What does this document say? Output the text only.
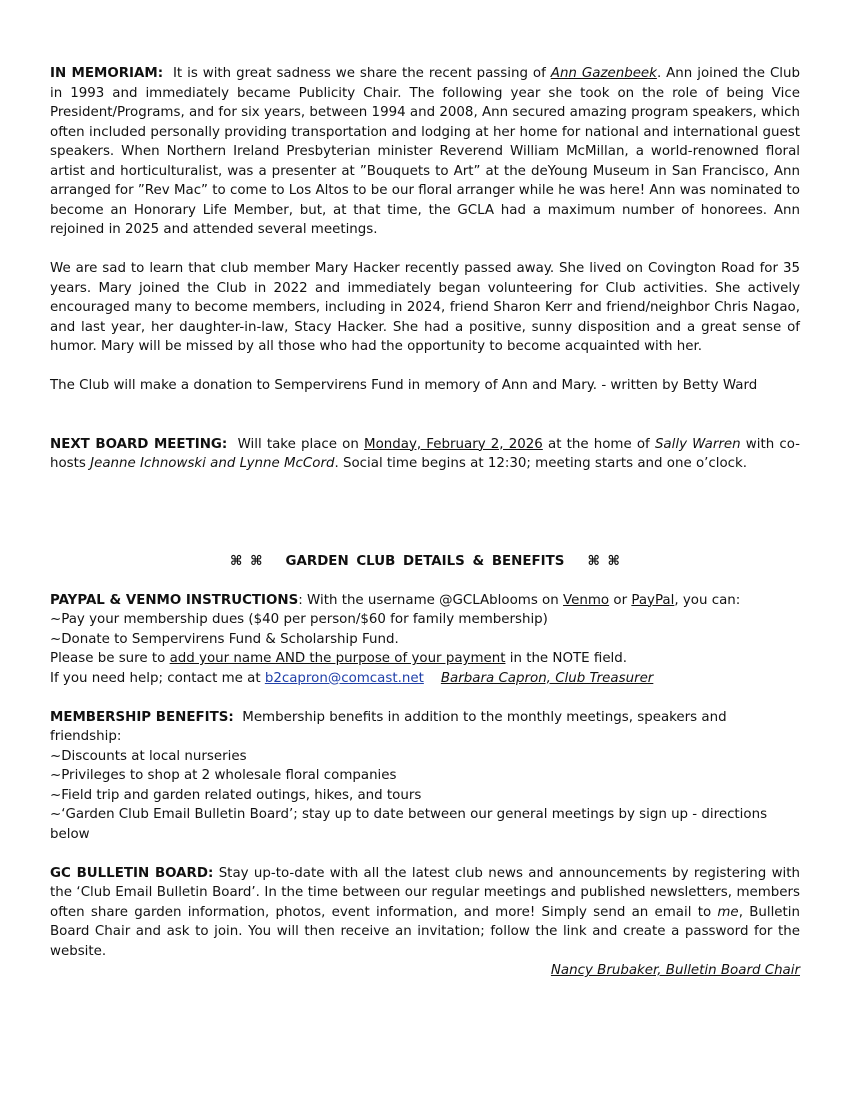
IN MEMORIAM: It is with great sadness we share the recent passing of Ann Gazenbeek. Ann joined the Club in 1993 and immediately became Publicity Chair. The following year she took on the role of being Vice President/Programs, and for six years, between 1994 and 2008, Ann secured amazing program speakers, which often included personally providing transportation and lodging at her home for national and international guest speakers. When Northern Ireland Presbyterian minister Reverend William McMillan, a world-renowned floral artist and horticulturalist, was a presenter at ”Bouquets to Art” at the deYoung Museum in San Francisco, Ann arranged for ”Rev Mac” to come to Los Altos to be our floral arranger while he was here! Ann was nominated to become an Honorary Life Member, but, at that time, the GCLA had a maximum number of honorees. Ann rejoined in 2025 and attended several meetings.

We are sad to learn that club member Mary Hacker recently passed away. She lived on Covington Road for 35 years. Mary joined the Club in 2022 and immediately began volunteering for Club activities. She actively encouraged many to become members, including in 2024, friend Sharon Kerr and friend/neighbor Chris Nagao, and last year, her daughter-in-law, Stacy Hacker. She had a positive, sunny disposition and a great sense of humor. Mary will be missed by all those who had the opportunity to become acquainted with her.

The Club will make a donation to Sempervirens Fund in memory of Ann and Mary. - written by Betty Ward

NEXT BOARD MEETING: Will take place on Monday, February 2, 2026 at the home of Sally Warren with co-hosts Jeanne Ichnowski and Lynne McCord. Social time begins at 12:30; meeting starts and one o’clock.

⌘ ⌘ GARDEN CLUB DETAILS & BENEFITS ⌘ ⌘

PAYPAL & VENMO INSTRUCTIONS: With the username @GCLAblooms on Venmo or PayPal, you can:

~Pay your membership dues ($40 per person/$60 for family membership)

~Donate to Sempervirens Fund & Scholarship Fund.

Please be sure to add your name AND the purpose of your payment in the NOTE field.

If you need help; contact me at b2capron@comcast.net Barbara Capron, Club Treasurer

MEMBERSHIP BENEFITS: Membership benefits in addition to the monthly meetings, speakers and friendship:

~Discounts at local nurseries

~Privileges to shop at 2 wholesale floral companies

~Field trip and garden related outings, hikes, and tours

~‘Garden Club Email Bulletin Board’; stay up to date between our general meetings by sign up - directions below

GC BULLETIN BOARD: Stay up-to-date with all the latest club news and announcements by registering with the ‘Club Email Bulletin Board’. In the time between our regular meetings and published newsletters, members often share garden information, photos, event information, and more! Simply send an email to me, Bulletin Board Chair and ask to join. You will then receive an invitation; follow the link and create a password for the website.

Nancy Brubaker, Bulletin Board Chair
